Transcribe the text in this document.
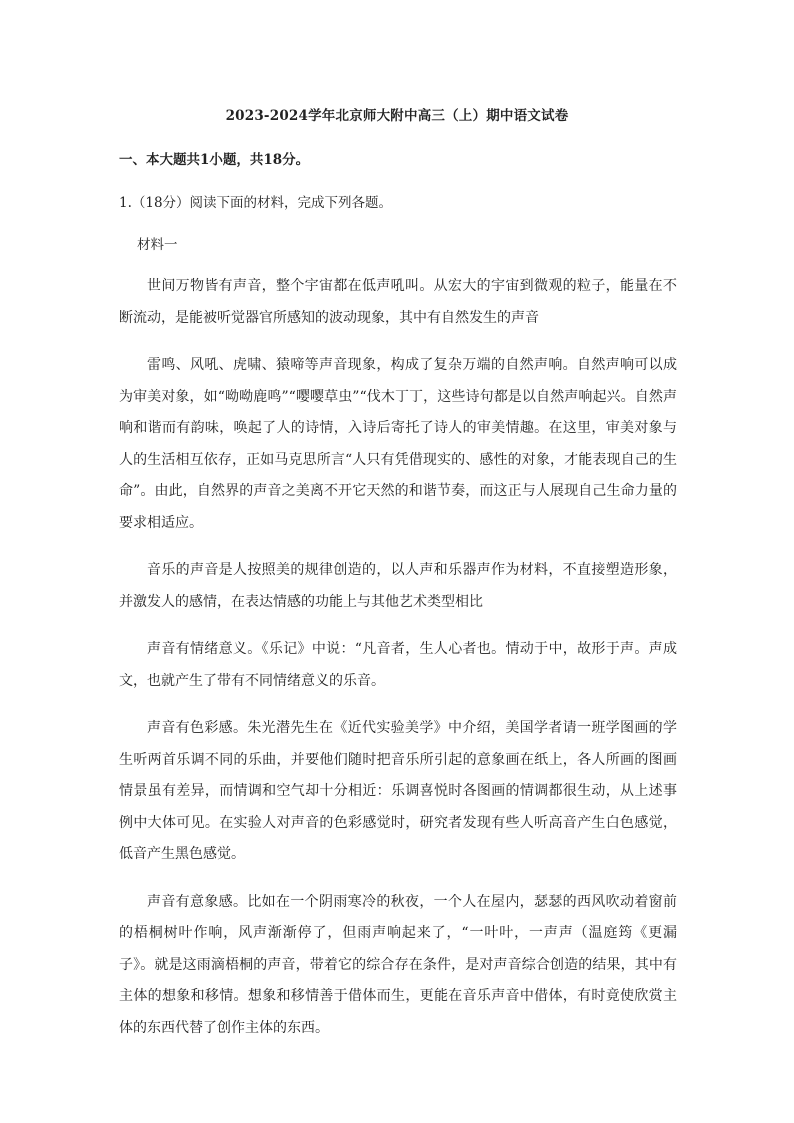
2023-2024学年北京师大附中高三（上）期中语文试卷
一、本大题共1小题，共18分。
1.（18分）阅读下面的材料，完成下列各题。
材料一

世间万物皆有声音，整个宇宙都在低声吼叫。从宏大的宇宙到微观的粒子，能量在不断流动，是能被听觉器官所感知的波动现象，其中有自然发生的声音

雷鸣、风吼、虎啸、猿啼等声音现象，构成了复杂万端的自然声响。自然声响可以成为审美对象，如“呦呦鹿鸣”“嘤嘤草虫”“伐木丁丁，这些诗句都是以自然声响起兴。自然声响和谐而有韵味，唤起了人的诗情，入诗后寄托了诗人的审美情趣。在这里，审美对象与人的生活相互依存，正如马克思所言“人只有凭借现实的、感性的对象，才能表现自己的生命”。由此，自然界的声音之美离不开它天然的和谐节奏，而这正与人展现自己生命力量的要求相适应。

音乐的声音是人按照美的规律创造的，以人声和乐器声作为材料，不直接塑造形象，并激发人的感情，在表达情感的功能上与其他艺术类型相比

声音有情绪意义。《乐记》中说：“凡音者，生人心者也。情动于中，故形于声。声成文，也就产生了带有不同情绪意义的乐音。

声音有色彩感。朱光潜先生在《近代实验美学》中介绍，美国学者请一班学图画的学生听两首乐调不同的乐曲，并要他们随时把音乐所引起的意象画在纸上，各人所画的图画情景虽有差异，而情调和空气却十分相近：乐调喜悦时各图画的情调都很生动，从上述事例中大体可见。在实验人对声音的色彩感觉时，研究者发现有些人听高音产生白色感觉，低音产生黑色感觉。

声音有意象感。比如在一个阴雨寒冷的秋夜，一个人在屋内，瑟瑟的西风吹动着窗前的梧桐树叶作响，风声渐渐停了，但雨声响起来了，“一叶叶，一声声（温庭筠《更漏子》。就是这雨滴梧桐的声音，带着它的综合存在条件，是对声音综合创造的结果，其中有主体的想象和移情。想象和移情善于借体而生，更能在音乐声音中借体，有时竟使欣赏主体的东西代替了创作主体的东西。
